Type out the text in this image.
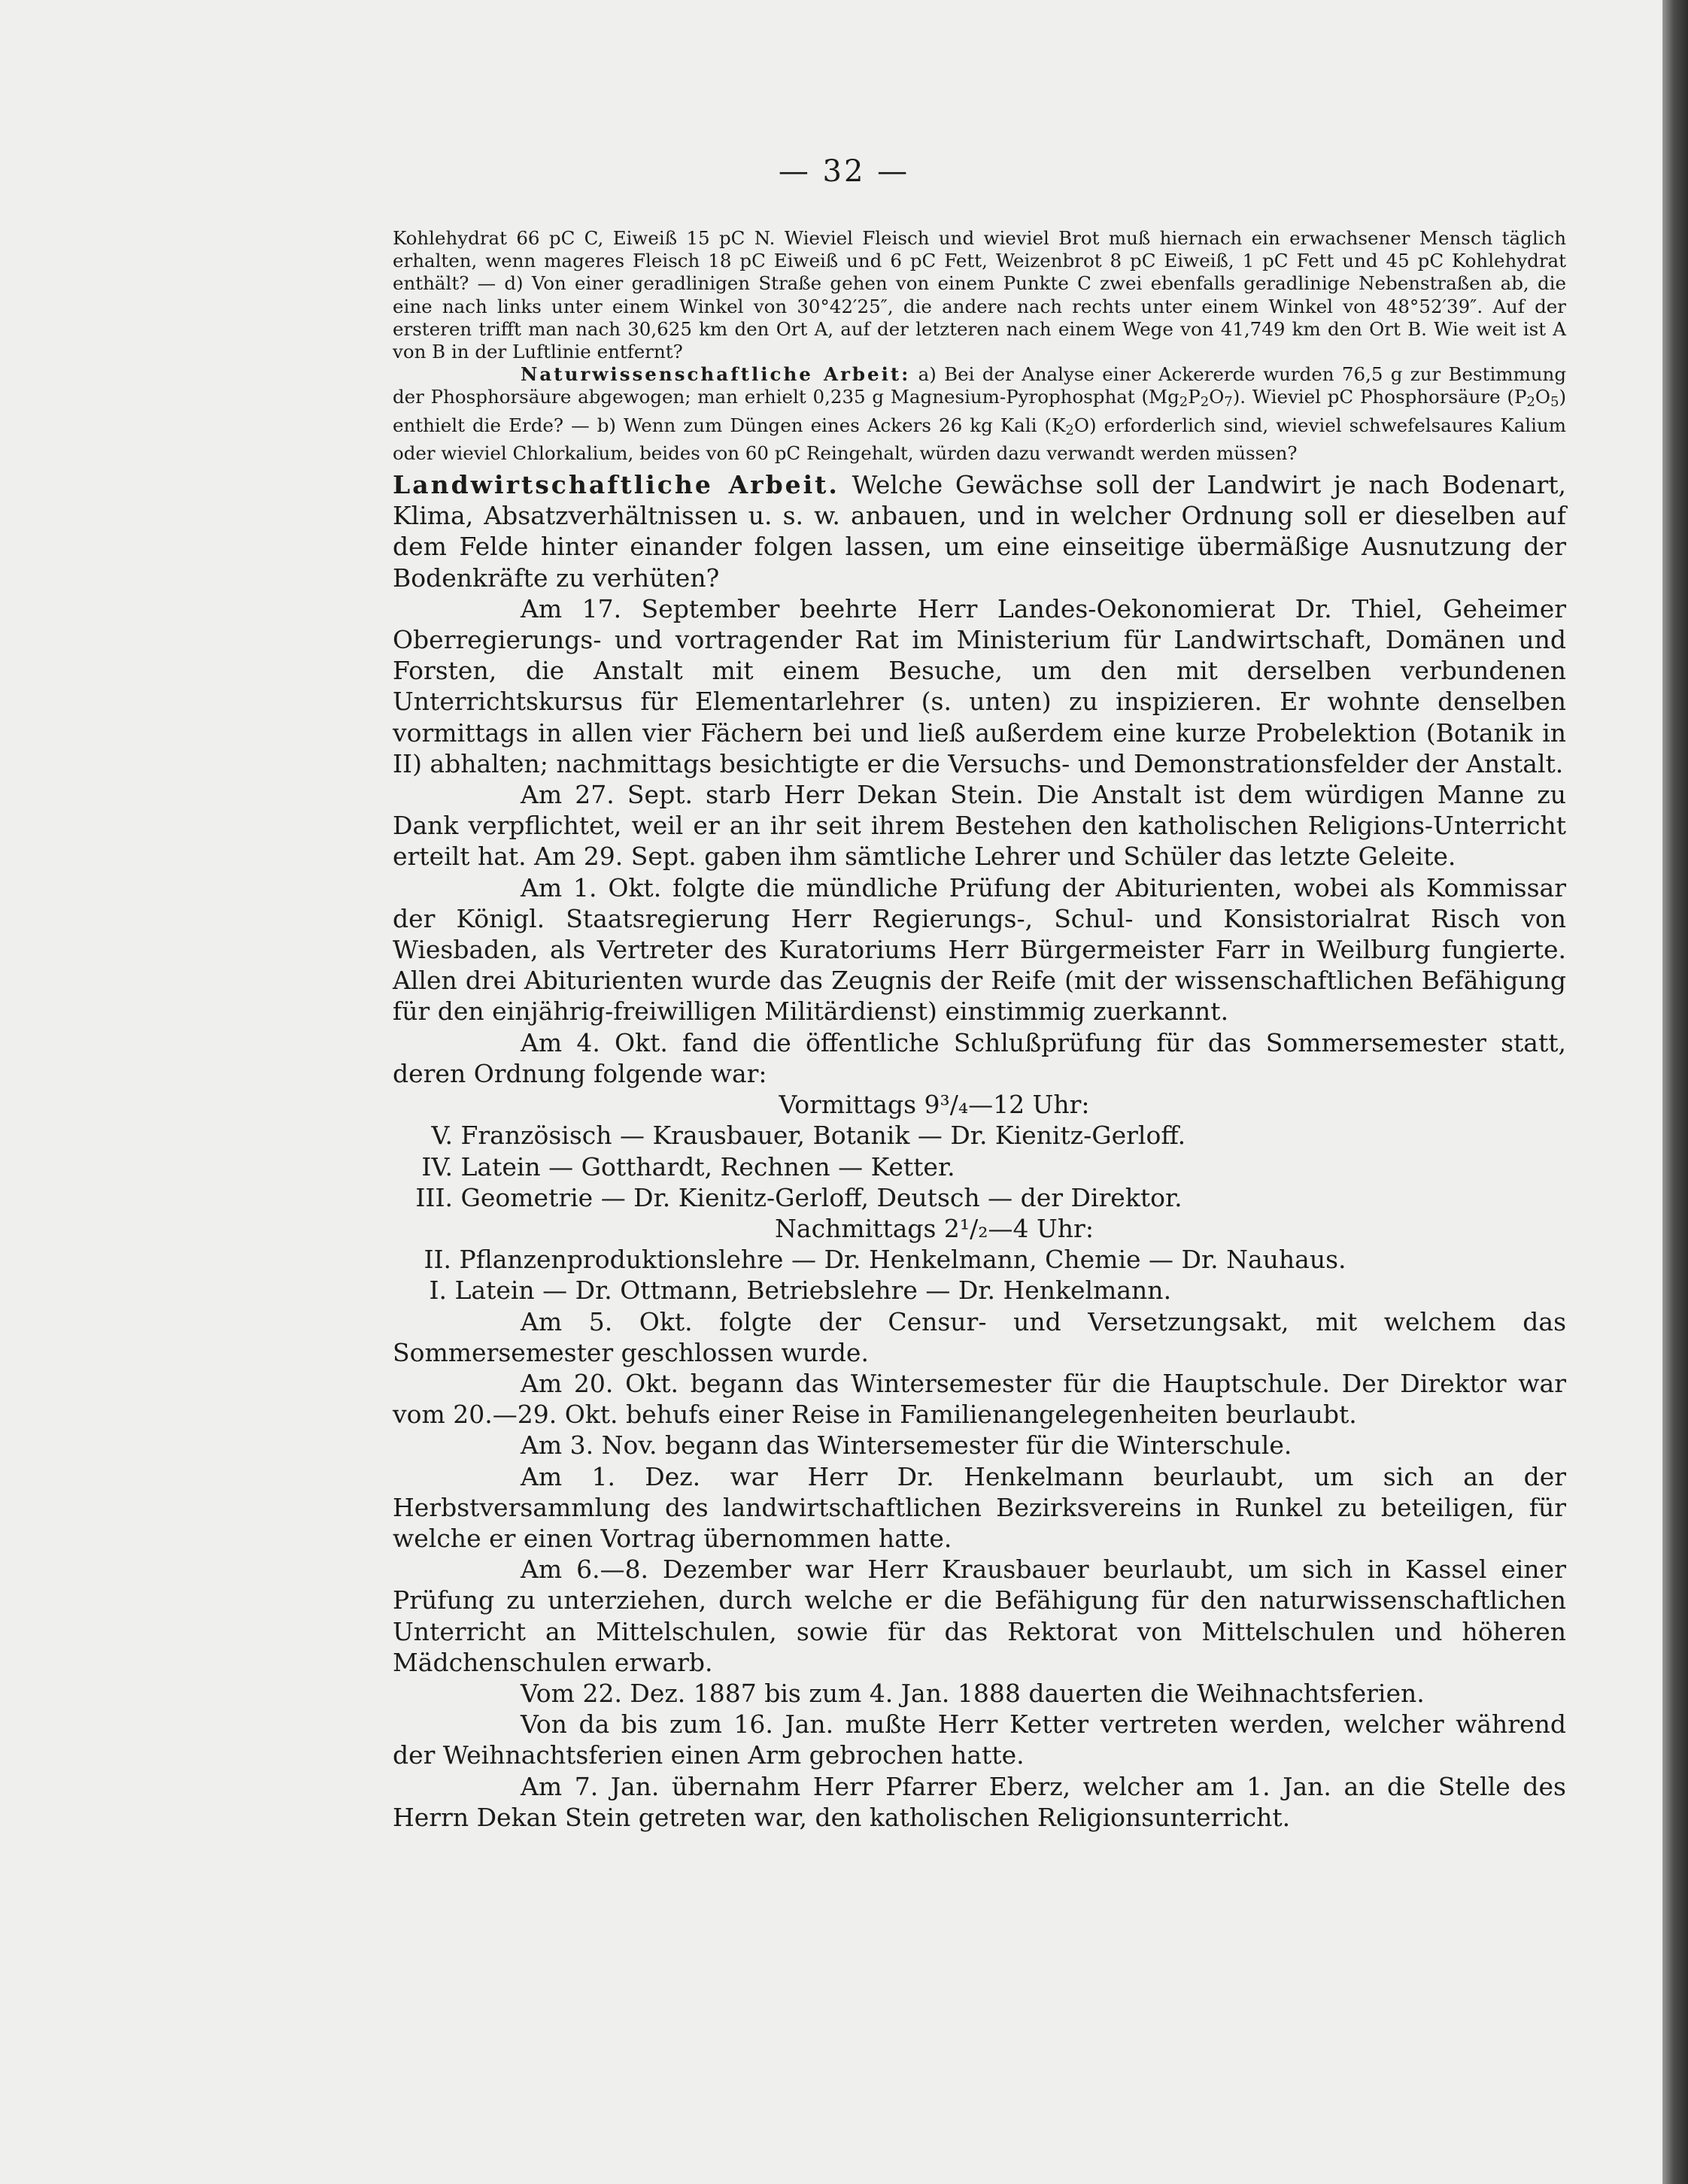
— 32 —

Kohlehydrat 66 pC C, Eiweiß 15 pC N. Wieviel Fleisch und wieviel Brot muß hiernach ein erwachsener Mensch täglich erhalten, wenn mageres Fleisch 18 pC Eiweiß und 6 pC Fett, Weizenbrot 8 pC Eiweiß, 1 pC Fett und 45 pC Kohlehydrat enthält? — d) Von einer geradlinigen Straße gehen von einem Punkte C zwei ebenfalls geradlinige Nebenstraßen ab, die eine nach links unter einem Winkel von 30°42′25″, die andere nach rechts unter einem Winkel von 48°52′39″. Auf der ersteren trifft man nach 30,625 km den Ort A, auf der letzteren nach einem Wege von 41,749 km den Ort B. Wie weit ist A von B in der Luftlinie entfernt?

Naturwissenschaftliche Arbeit: a) Bei der Analyse einer Ackererde wurden 76,5 g zur Bestimmung der Phosphorsäure abgewogen; man erhielt 0,235 g Magnesium-Pyrophosphat $(Mg_2P_2O_7)$. Wieviel pC Phosphorsäure $(P_2O_5)$ enthielt die Erde? — b) Wenn zum Düngen eines Ackers 26 kg Kali $(K_2O)$ erforderlich sind, wieviel schwefelsaures Kalium oder wieviel Chlorkalium, beides von 60 pC Reingehalt, würden dazu verwandt werden müssen?

Landwirtschaftliche Arbeit. Welche Gewächse soll der Landwirt je nach Bodenart, Klima, Absatzverhältnissen u. s. w. anbauen, und in welcher Ordnung soll er dieselben auf dem Felde hinter einander folgen lassen, um eine einseitige übermäßige Ausnutzung der Bodenkräfte zu verhüten?

Am 17. September beehrte Herr Landes-Oekonomierat Dr. Thiel, Geheimer Oberregierungs- und vortragender Rat im Ministerium für Landwirtschaft, Domänen und Forsten, die Anstalt mit einem Besuche, um den mit derselben verbundenen Unterrichtskursus für Elementarlehrer (s. unten) zu inspizieren. Er wohnte denselben vormittags in allen vier Fächern bei und ließ außerdem eine kurze Probelektion (Botanik in II) abhalten; nachmittags besichtigte er die Versuchs- und Demonstrationsfelder der Anstalt.

Am 27. Sept. starb Herr Dekan Stein. Die Anstalt ist dem würdigen Manne zu Dank verpflichtet, weil er an ihr seit ihrem Bestehen den katholischen Religions-Unterricht erteilt hat. Am 29. Sept. gaben ihm sämtliche Lehrer und Schüler das letzte Geleite.

Am 1. Okt. folgte die mündliche Prüfung der Abiturienten, wobei als Kommissar der Königl. Staatsregierung Herr Regierungs-, Schul- und Konsistorialrat Risch von Wiesbaden, als Vertreter des Kuratoriums Herr Bürgermeister Farr in Weilburg fungierte. Allen drei Abiturienten wurde das Zeugnis der Reife (mit der wissenschaftlichen Befähigung für den einjährig-freiwilligen Militärdienst) einstimmig zuerkannt.

Am 4. Okt. fand die öffentliche Schlußprüfung für das Sommersemester statt, deren Ordnung folgende war:

Vormittags 9³/₄—12 Uhr:
V. Französisch — Krausbauer, Botanik — Dr. Kienitz-Gerloff.
IV. Latein — Gotthardt, Rechnen — Ketter.
III. Geometrie — Dr. Kienitz-Gerloff, Deutsch — der Direktor.
Nachmittags 2¹/₂—4 Uhr:
II. Pflanzenproduktionslehre — Dr. Henkelmann, Chemie — Dr. Nauhaus.
I. Latein — Dr. Ottmann, Betriebslehre — Dr. Henkelmann.

Am 5. Okt. folgte der Censur- und Versetzungsakt, mit welchem das Sommersemester geschlossen wurde.

Am 20. Okt. begann das Wintersemester für die Hauptschule. Der Direktor war vom 20.—29. Okt. behufs einer Reise in Familienangelegenheiten beurlaubt.

Am 3. Nov. begann das Wintersemester für die Winterschule.

Am 1. Dez. war Herr Dr. Henkelmann beurlaubt, um sich an der Herbstversammlung des landwirtschaftlichen Bezirksvereins in Runkel zu beteiligen, für welche er einen Vortrag übernommen hatte.

Am 6.—8. Dezember war Herr Krausbauer beurlaubt, um sich in Kassel einer Prüfung zu unterziehen, durch welche er die Befähigung für den naturwissenschaftlichen Unterricht an Mittelschulen, sowie für das Rektorat von Mittelschulen und höheren Mädchenschulen erwarb.

Vom 22. Dez. 1887 bis zum 4. Jan. 1888 dauerten die Weihnachtsferien.

Von da bis zum 16. Jan. mußte Herr Ketter vertreten werden, welcher während der Weihnachtsferien einen Arm gebrochen hatte.

Am 7. Jan. übernahm Herr Pfarrer Eberz, welcher am 1. Jan. an die Stelle des Herrn Dekan Stein getreten war, den katholischen Religionsunterricht.
